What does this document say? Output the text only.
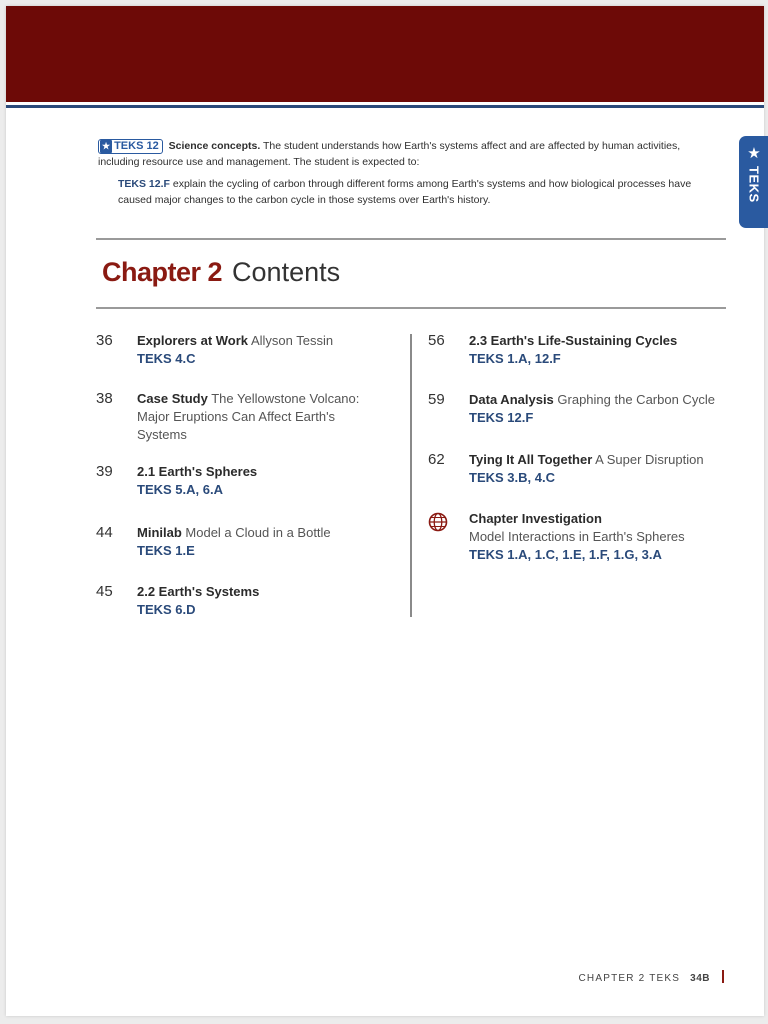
★
TEKS

★ TEKS 12 Science concepts. The student understands how Earth's systems affect and are affected by human activities, including resource use and management. The student is expected to:

TEKS 12.F explain the cycling of carbon through different forms among Earth's systems and how biological processes have caused major changes to the carbon cycle in those systems over Earth's history.

Chapter 2 Contents
36 Explorers at Work Allyson Tessin
TEKS 4.C
38 Case Study The Yellowstone Volcano: Major Eruptions Can Affect Earth's Systems
39 2.1 Earth's Spheres
TEKS 5.A, 6.A
44 Minilab Model a Cloud in a Bottle
TEKS 1.E
45 2.2 Earth's Systems
TEKS 6.D
56 2.3 Earth's Life-Sustaining Cycles
TEKS 1.A, 12.F
59 Data Analysis Graphing the Carbon Cycle
TEKS 12.F
62 Tying It All Together A Super Disruption
TEKS 3.B, 4.C
Chapter Investigation
Model Interactions in Earth's Spheres
TEKS 1.A, 1.C, 1.E, 1.F, 1.G, 3.A
CHAPTER 2 TEKS 34B
